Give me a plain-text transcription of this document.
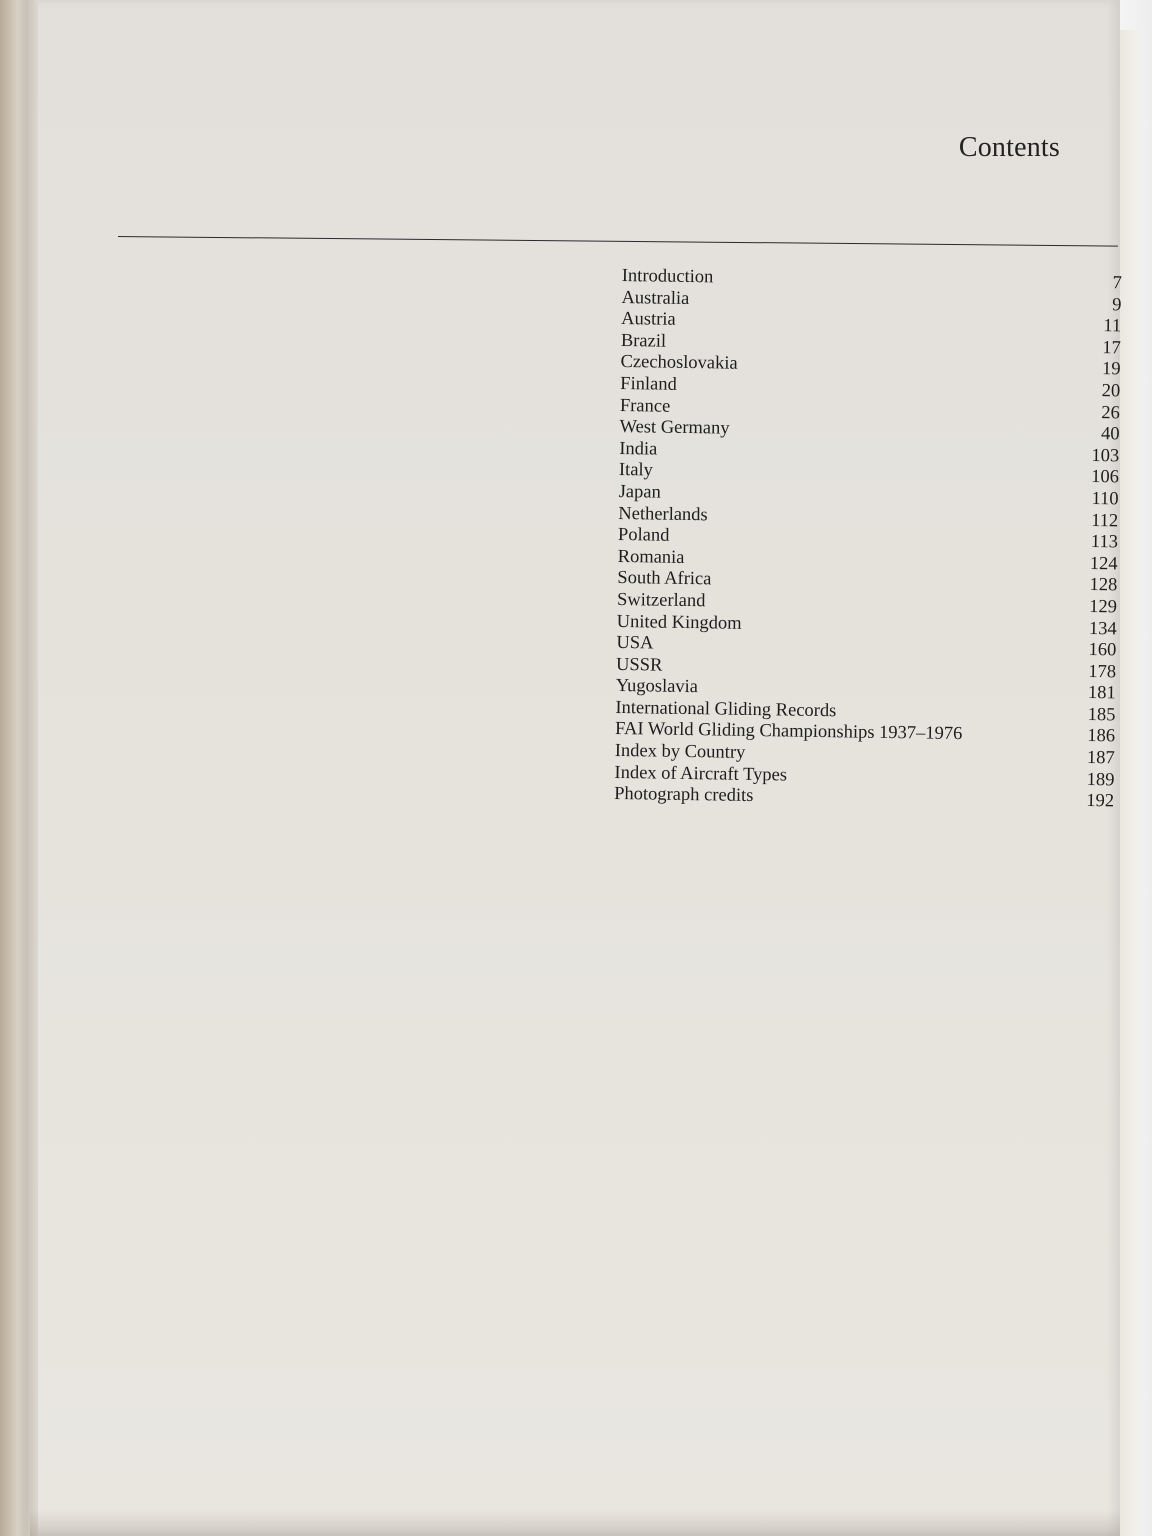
Contents
Introduction	7
Australia	9
Austria	11
Brazil	17
Czechoslovakia	19
Finland	20
France	26
West Germany	40
India	103
Italy	106
Japan	110
Netherlands	112
Poland	113
Romania	124
South Africa	128
Switzerland	129
United Kingdom	134
USA	160
USSR	178
Yugoslavia	181
International Gliding Records	185
FAI World Gliding Championships 1937–1976	186
Index by Country	187
Index of Aircraft Types	189
Photograph credits	192
